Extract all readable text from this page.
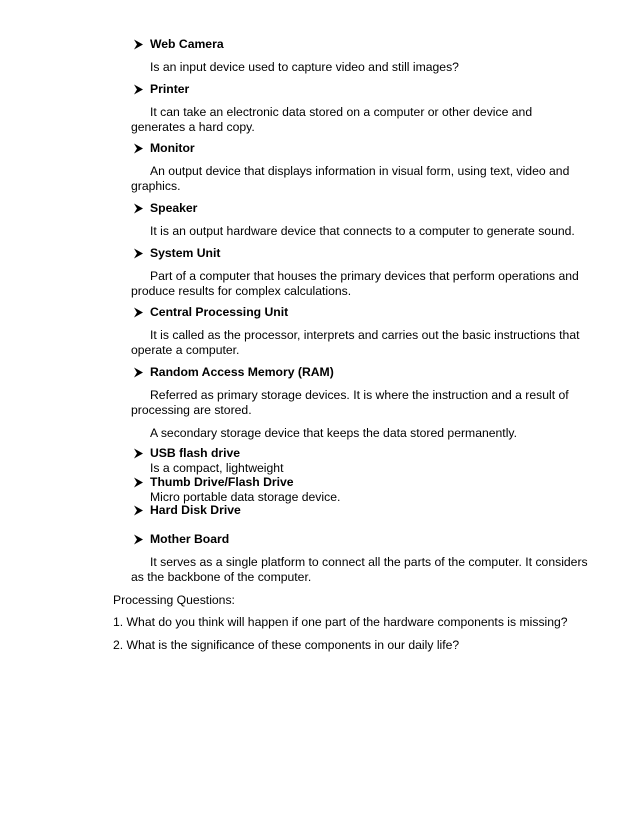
Web Camera
Is an input device used to capture video and still images?
Printer
It can take an electronic data stored on a computer or other device and
generates a hard copy.
Monitor
An output device that displays information in visual form, using text, video and
graphics.
Speaker
It is an output hardware device that connects to a computer to generate sound.
System Unit
Part of a computer that houses the primary devices that perform operations and
produce results for complex calculations.
Central Processing Unit
It is called as the processor, interprets and carries out the basic instructions that
operate a computer.
Random Access Memory (RAM)
Referred as primary storage devices. It is where the instruction and a result of
processing are stored.
A secondary storage device that keeps the data stored permanently.
USB flash drive
Is a compact, lightweight
Thumb Drive/Flash Drive
Micro portable data storage device.
Hard Disk Drive
Mother Board
It serves as a single platform to connect all the parts of the computer. It considers
as the backbone of the computer.
Processing Questions:
1. What do you think will happen if one part of the hardware components is missing?
2. What is the significance of these components in our daily life?
